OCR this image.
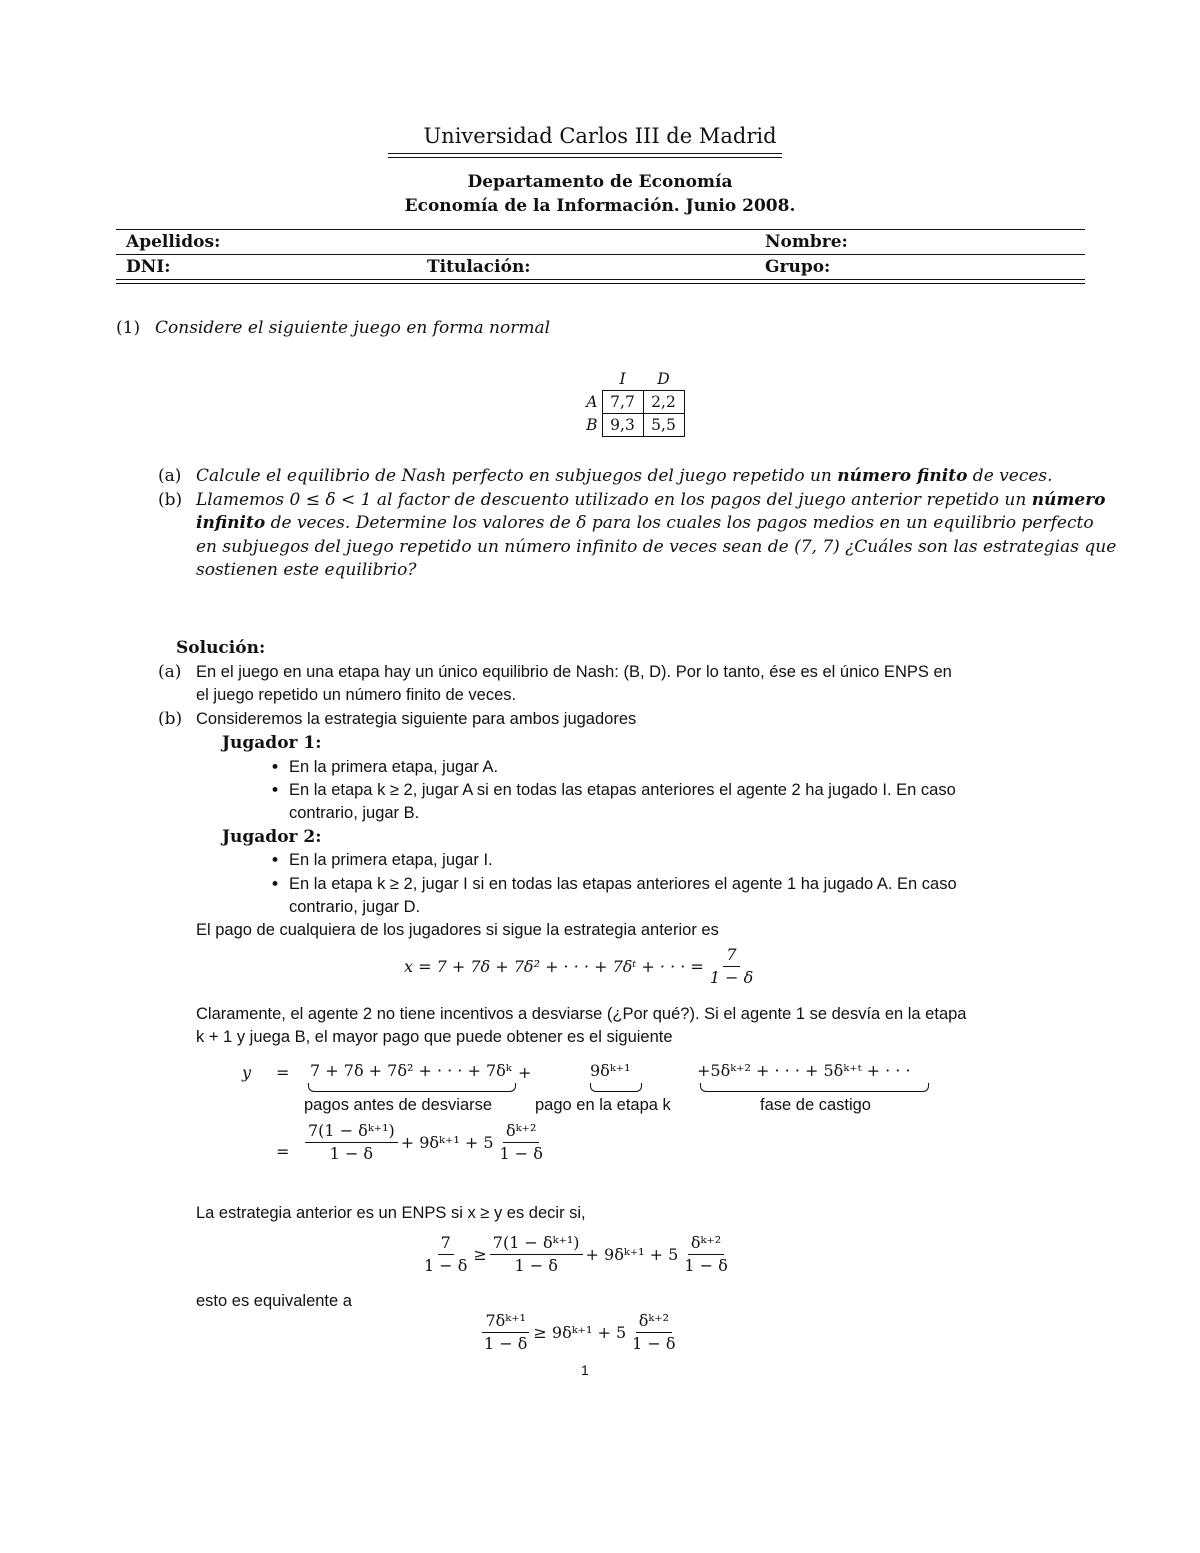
Universidad Carlos III de Madrid
Departamento de Economía
Economía de la Información. Junio 2008.
Apellidos:	Nombre:
DNI:	Titulación:	Grupo:
(1) Considere el siguiente juego en forma normal
	I	D
A	7,7	2,2
B	9,3	5,5
(a) Calcule el equilibrio de Nash perfecto en subjuegos del juego repetido un número finito de veces.
(b) Llamemos 0 ≤ δ < 1 al factor de descuento utilizado en los pagos del juego anterior repetido un número
infinito de veces. Determine los valores de δ para los cuales los pagos medios en un equilibrio perfecto
en subjuegos del juego repetido un número infinito de veces sean de (7, 7) ¿Cuáles son las estrategias que
sostienen este equilibrio?
Solución:
(a) En el juego en una etapa hay un único equilibrio de Nash: (B, D). Por lo tanto, ése es el único ENPS en
el juego repetido un número finito de veces.
(b) Consideremos la estrategia siguiente para ambos jugadores
Jugador 1:
• En la primera etapa, jugar A.
• En la etapa k ≥ 2, jugar A si en todas las etapas anteriores el agente 2 ha jugado I. En caso
contrario, jugar B.
Jugador 2:
• En la primera etapa, jugar I.
• En la etapa k ≥ 2, jugar I si en todas las etapas anteriores el agente 1 ha jugado A. En caso
contrario, jugar D.
El pago de cualquiera de los jugadores si sigue la estrategia anterior es
x = 7 + 7δ + 7δ² + · · · + 7δᵗ + · · · = $\frac{7}{1 - \delta}$
Claramente, el agente 2 no tiene incentivos a desviarse (¿Por qué?). Si el agente 1 se desvía en la etapa
k + 1 y juega B, el mayor pago que puede obtener es el siguiente
y = 7 + 7δ + 7δ² + · · · + 7δᵏ +	9δᵏ⁺¹	+5δᵏ⁺² + · · · + 5δᵏ⁺ᵗ + · · ·
pagos antes de desviarse	pago en la etapa k	fase de castigo
= $\frac{\text{7(1 − δᵏ⁺¹)}}{1 - \delta}$ + 9δᵏ⁺¹ + $5 \frac{\text{δᵏ⁺²}}{1 - \delta}$
La estrategia anterior es un ENPS si x ≥ y es decir si,
$\frac{7}{1 - \delta} \ge \frac{\text{7(1 − δᵏ⁺¹)}}{1 - \delta}$ + 9δᵏ⁺¹ + $5 \frac{\text{δᵏ⁺²}}{1 - \delta}$
esto es equivalente a
$\frac{\text{7δᵏ⁺¹}}{1 - \delta}$ ≥ 9δᵏ⁺¹ + $5 \frac{\text{δᵏ⁺²}}{1 - \delta}$
1
